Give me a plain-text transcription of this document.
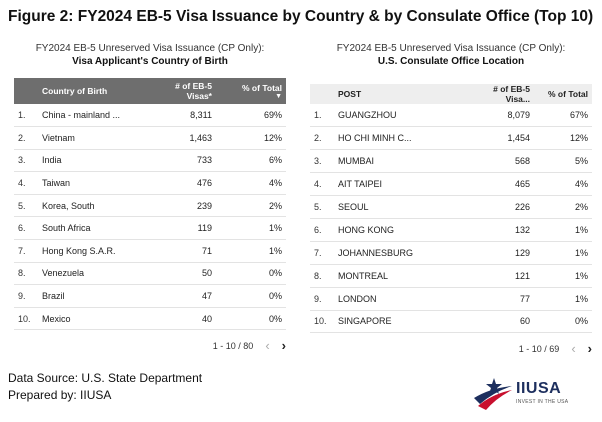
Figure 2: FY2024 EB-5 Visa Issuance by Country & by Consulate Office (Top 10)
FY2024 EB-5 Unreserved Visa Issuance (CP Only):
Visa Applicant's Country of Birth
	Country of Birth	# of EB-5 Visas*	% of Total
▼

1.	China - mainland ...	8,311	69%
2.	Vietnam	1,463	12%
3.	India	733	6%
4.	Taiwan	476	4%
5.	Korea, South	239	2%
6.	South Africa	119	1%
7.	Hong Kong S.A.R.	71	1%
8.	Venezuela	50	0%
9.	Brazil	47	0%
10.	Mexico	40	0%
1 - 10 / 80 ‹ ›
FY2024 EB-5 Unreserved Visa Issuance (CP Only):
U.S. Consulate Office Location
	POST	# of EB-5 Visa...	% of Total
1.	GUANGZHOU	8,079	67%
2.	HO CHI MINH C...	1,454	12%
3.	MUMBAI	568	5%
4.	AIT TAIPEI	465	4%
5.	SEOUL	226	2%
6.	HONG KONG	132	1%
7.	JOHANNESBURG	129	1%
8.	MONTREAL	121	1%
9.	LONDON	77	1%
10.	SINGAPORE	60	0%
1 - 10 / 69 ‹ ›
Data Source: U.S. State Department
Prepared by: IIUSA	IIUSA
INVEST IN THE USA
